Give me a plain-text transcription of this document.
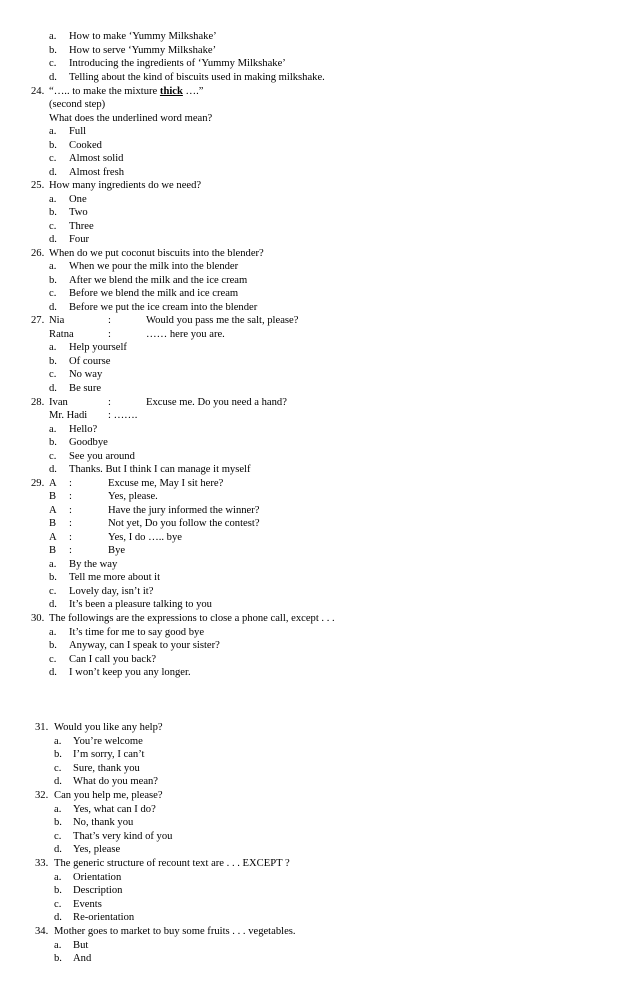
a. How to make ‘Yummy Milkshake’
b. How to serve ‘Yummy Milkshake’
c. Introducing the ingredients of ‘Yummy Milkshake’
d. Telling about the kind of biscuits used in making milkshake.
24. “….. to make the mixture thick ….”
(second step)
What does the underlined word mean?
a. Full
b. Cooked
c. Almost solid
d. Almost fresh
25. How many ingredients do we need?
a. One
b. Two
c. Three
d. Four
26. When do we put coconut biscuits into the blender?
a. When we pour the milk into the blender
b. After we blend the milk and the ice cream
c. Before we blend the milk and ice cream
d. Before we put the ice cream into the blender
27. Nia	:	Would you pass me the salt, please?
Ratna	:	…… here you are.
a. Help yourself
b. Of course
c. No way
d. Be sure
28. Ivan	:	Excuse me. Do you need a hand?
Mr. Hadi : …….
a. Hello?
b. Goodbye
c. See you around
d. Thanks. But I think I can manage it myself
29. A :	Excuse me, May I sit here?
B :	Yes, please.
A :	Have the jury informed the winner?
B :	Not yet, Do you follow the contest?
A :	Yes, I do ….. bye
B :	Bye
a. By the way
b. Tell me more about it
c. Lovely day, isn’t it?
d. It’s been a pleasure talking to you
30. The followings are the expressions to close a phone call, except . . .
a. It’s time for me to say good bye
b. Anyway, can I speak to your sister?
c. Can I call you back?
d. I won’t keep you any longer.
31. Would you like any help?
a. You’re welcome
b. I’m sorry, I can’t
c. Sure, thank you
d. What do you mean?
32. Can you help me, please?
a. Yes, what can I do?
b. No, thank you
c. That’s very kind of you
d. Yes, please
33. The generic structure of recount text are . . . EXCEPT ?
a. Orientation
b. Description
c. Events
d. Re-orientation
34. Mother goes to market to buy some fruits . . . vegetables.
a. But
b. And
